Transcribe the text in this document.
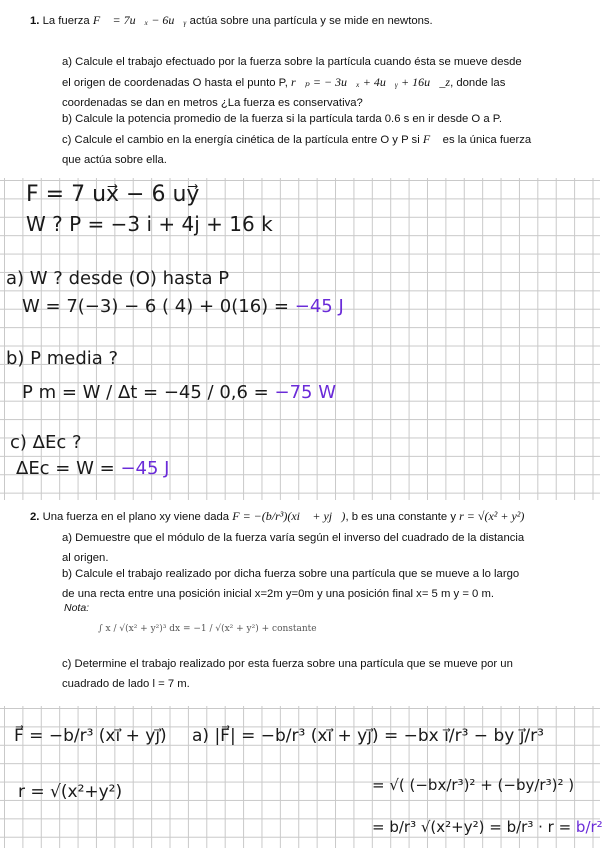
1. La fuerza F⃗ = 7u⃗ₓ − 6u⃗ᵧ actúa sobre una partícula y se mide en newtons.
a) Calcule el trabajo efectuado por la fuerza sobre la partícula cuando ésta se mueve desde
el origen de coordenadas O hasta el punto P, r⃗ₚ = − 3u⃗ₓ + 4u⃗ᵧ + 16u⃗_z, donde las
coordenadas se dan en metros ¿La fuerza es conservativa?
b) Calcule la potencia promedio de la fuerza si la partícula tarda 0.6 s en ir desde O a P.
c) Calcule el cambio en la energía cinética de la partícula entre O y P si F⃗ es la única fuerza
que actúa sobre ella.
F = 7 ux⃗ − 6 uy⃗
W ? P = −3 i + 4j + 16 k
a) W ? desde (O) hasta P
W = 7(−3) − 6 ( 4) + 0(16) = −45 J
b) P media ?
P m = W / Δt = −45 / 0,6 = −75 W
c) ΔEc ?
ΔEc = W = −45 J
2. Una fuerza en el plano xy viene dada F = −(b/r³)(xi⃗ + yj⃗), b es una constante y r = √(x² + y²)
a) Demuestre que el módulo de la fuerza varía según el inverso del cuadrado de la distancia
al origen.
b) Calcule el trabajo realizado por dicha fuerza sobre una partícula que se mueve a lo largo
de una recta entre una posición inicial x=2m y=0m y una posición final x= 5 m y = 0 m.
Nota:
∫ x / √(x² + y²)³ dx = −1 / √(x² + y²) + constante
c) Determine el trabajo realizado por esta fuerza sobre una partícula que se mueve por un
cuadrado de lado l = 7 m.
F⃗ = −b/r³ (xi⃗ + yj⃗) a) |F⃗| = −b/r³ (xi⃗ + yj⃗) = −bx i⃗/r³ − by j⃗/r³
r = √(x²+y²)	= √( (−bx/r³)² + (−by/r³)² )
= b/r³ √(x²+y²) = b/r³ · r = b/r²
